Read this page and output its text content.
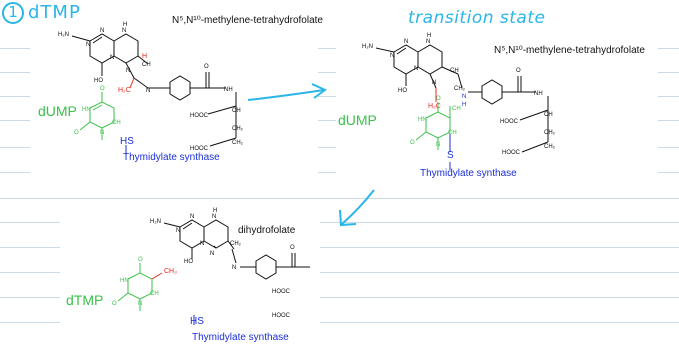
1 dTMP	transition state
H₂N
N
N
N
N
H
HO
N
CH
N
O
NH
CH
HOOC
CH₂
CH₂
HOOC
H
H₂C
O
HN
CH
O	N
N⁵,N¹⁰-methylene-tetrahydrofolate
dUMP
HS
Thymidylate synthase
H₂N
N
N
N
N
H
HO
N
CH
CH₂
O
NH
CH
HOOC
CH₂
CH₂
HOOC
N
H
H₂C
O
HN
CH
CH
O	N
N⁵,N¹⁰-methylene-tetrahydrofolate
dUMP
S
Thymidylate synthase
H₂N
N
N
N
N
H
HO
N
CH₂
N
O
HOOC
HOOC
O
HN
CH
O	N
CH₃
dihydrofolate
dTMP
HS
Thymidylate synthase
